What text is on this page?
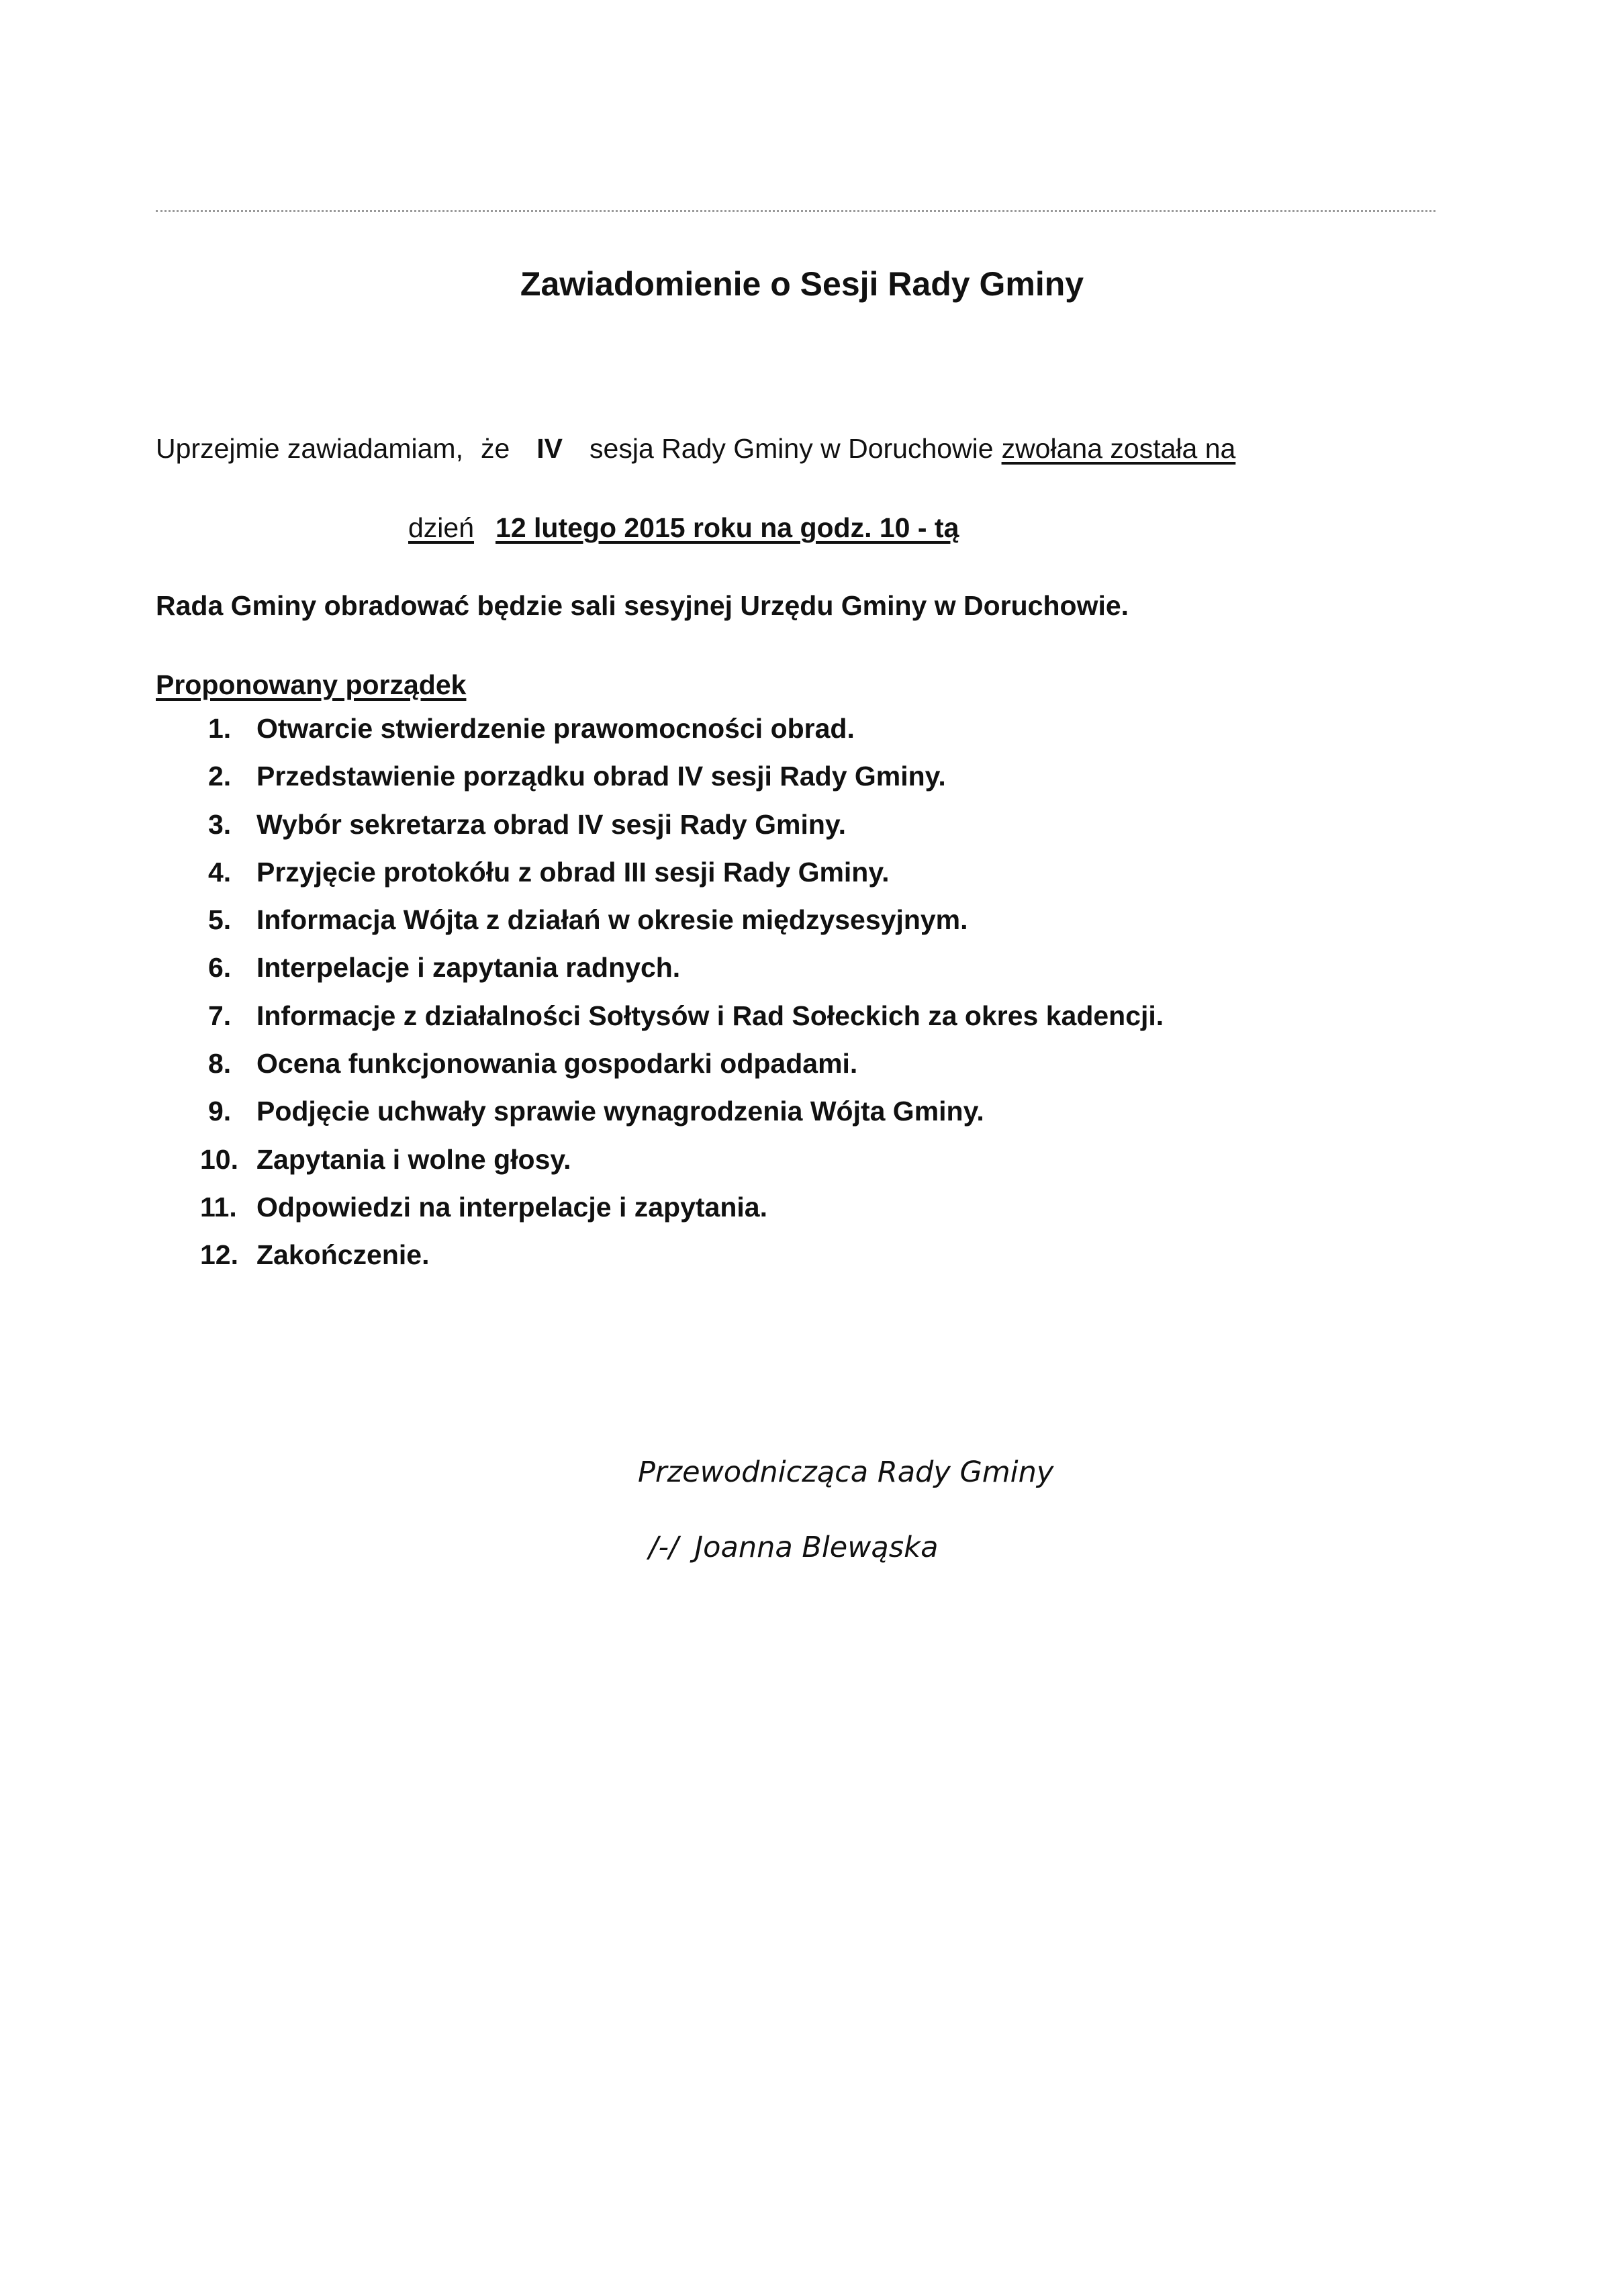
Zawiadomienie o Sesji Rady Gminy
Uprzejmie zawiadamiam, że IV sesja Rady Gminy w Doruchowie zwołana została na
dzień 12 lutego 2015 roku na godz. 10 - tą
Rada Gminy obradować będzie sali sesyjnej Urzędu Gminy w Doruchowie.
Proponowany porządek
1. Otwarcie stwierdzenie prawomocności obrad.
2. Przedstawienie porządku obrad IV sesji Rady Gminy.
3. Wybór sekretarza obrad IV sesji Rady Gminy.
4. Przyjęcie protokółu z obrad III sesji Rady Gminy.
5. Informacja Wójta z działań w okresie międzysesyjnym.
6. Interpelacje i zapytania radnych.
7. Informacje z działalności Sołtysów i Rad Sołeckich za okres kadencji.
8. Ocena funkcjonowania gospodarki odpadami.
9. Podjęcie uchwały sprawie wynagrodzenia Wójta Gminy.
10. Zapytania i wolne głosy.
11. Odpowiedzi na interpelacje i zapytania.
12. Zakończenie.
Przewodnicząca Rady Gminy
/-/ Joanna Blewąska
